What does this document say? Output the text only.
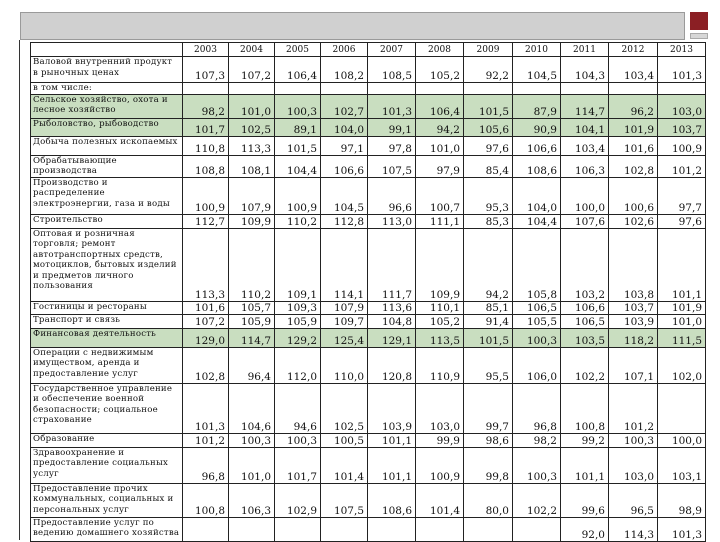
	2003	2004	2005	2006	2007	2008	2009	2010	2011	2012	2013
Валовой внутренний продукт в рыночных ценах	107,3	107,2	106,4	108,2	108,5	105,2	92,2	104,5	104,3	103,4	101,3
в том числе:											
Сельское хозяйство, охота и лесное хозяйство	98,2	101,0	100,3	102,7	101,3	106,4	101,5	87,9	114,7	96,2	103,0
Рыболовство, рыбоводство	101,7	102,5	89,1	104,0	99,1	94,2	105,6	90,9	104,1	101,9	103,7
Добыча полезных ископаемых	110,8	113,3	101,5	97,1	97,8	101,0	97,6	106,6	103,4	101,6	100,9
Обрабатывающие производства	108,8	108,1	104,4	106,6	107,5	97,9	85,4	108,6	106,3	102,8	101,2
Производство и распределение электроэнергии, газа и воды	100,9	107,9	100,9	104,5	96,6	100,7	95,3	104,0	100,0	100,6	97,7
Строительство	112,7	109,9	110,2	112,8	113,0	111,1	85,3	104,4	107,6	102,6	97,6
Оптовая и розничная торговля; ремонт автотранспортных средств, мотоциклов, бытовых изделий и предметов личного пользования	113,3	110,2	109,1	114,1	111,7	109,9	94,2	105,8	103,2	103,8	101,1
Гостиницы и рестораны	101,6	105,7	109,3	107,9	113,6	110,1	85,1	106,5	106,6	103,7	101,9
Транспорт и связь	107,2	105,9	105,9	109,7	104,8	105,2	91,4	105,5	106,5	103,9	101,0
Финансовая деятельность	129,0	114,7	129,2	125,4	129,1	113,5	101,5	100,3	103,5	118,2	111,5
Операции с недвижимым имуществом, аренда и предоставление услуг	102,8	96,4	112,0	110,0	120,8	110,9	95,5	106,0	102,2	107,1	102,0
Государственное управление и обеспечение военной безопасности; социальное страхование	101,3	104,6	94,6	102,5	103,9	103,0	99,7	96,8	100,8	101,2	
Образование	101,2	100,3	100,3	100,5	101,1	99,9	98,6	98,2	99,2	100,3	100,0
Здравоохранение и предоставление социальных услуг	96,8	101,0	101,7	101,4	101,1	100,9	99,8	100,3	101,1	103,0	103,1
Предоставление прочих коммунальных, социальных и персональных услуг	100,8	106,3	102,9	107,5	108,6	101,4	80,0	102,2	99,6	96,5	98,9
Предоставление услуг по ведению домашнего хозяйства									92,0	114,3	101,3
